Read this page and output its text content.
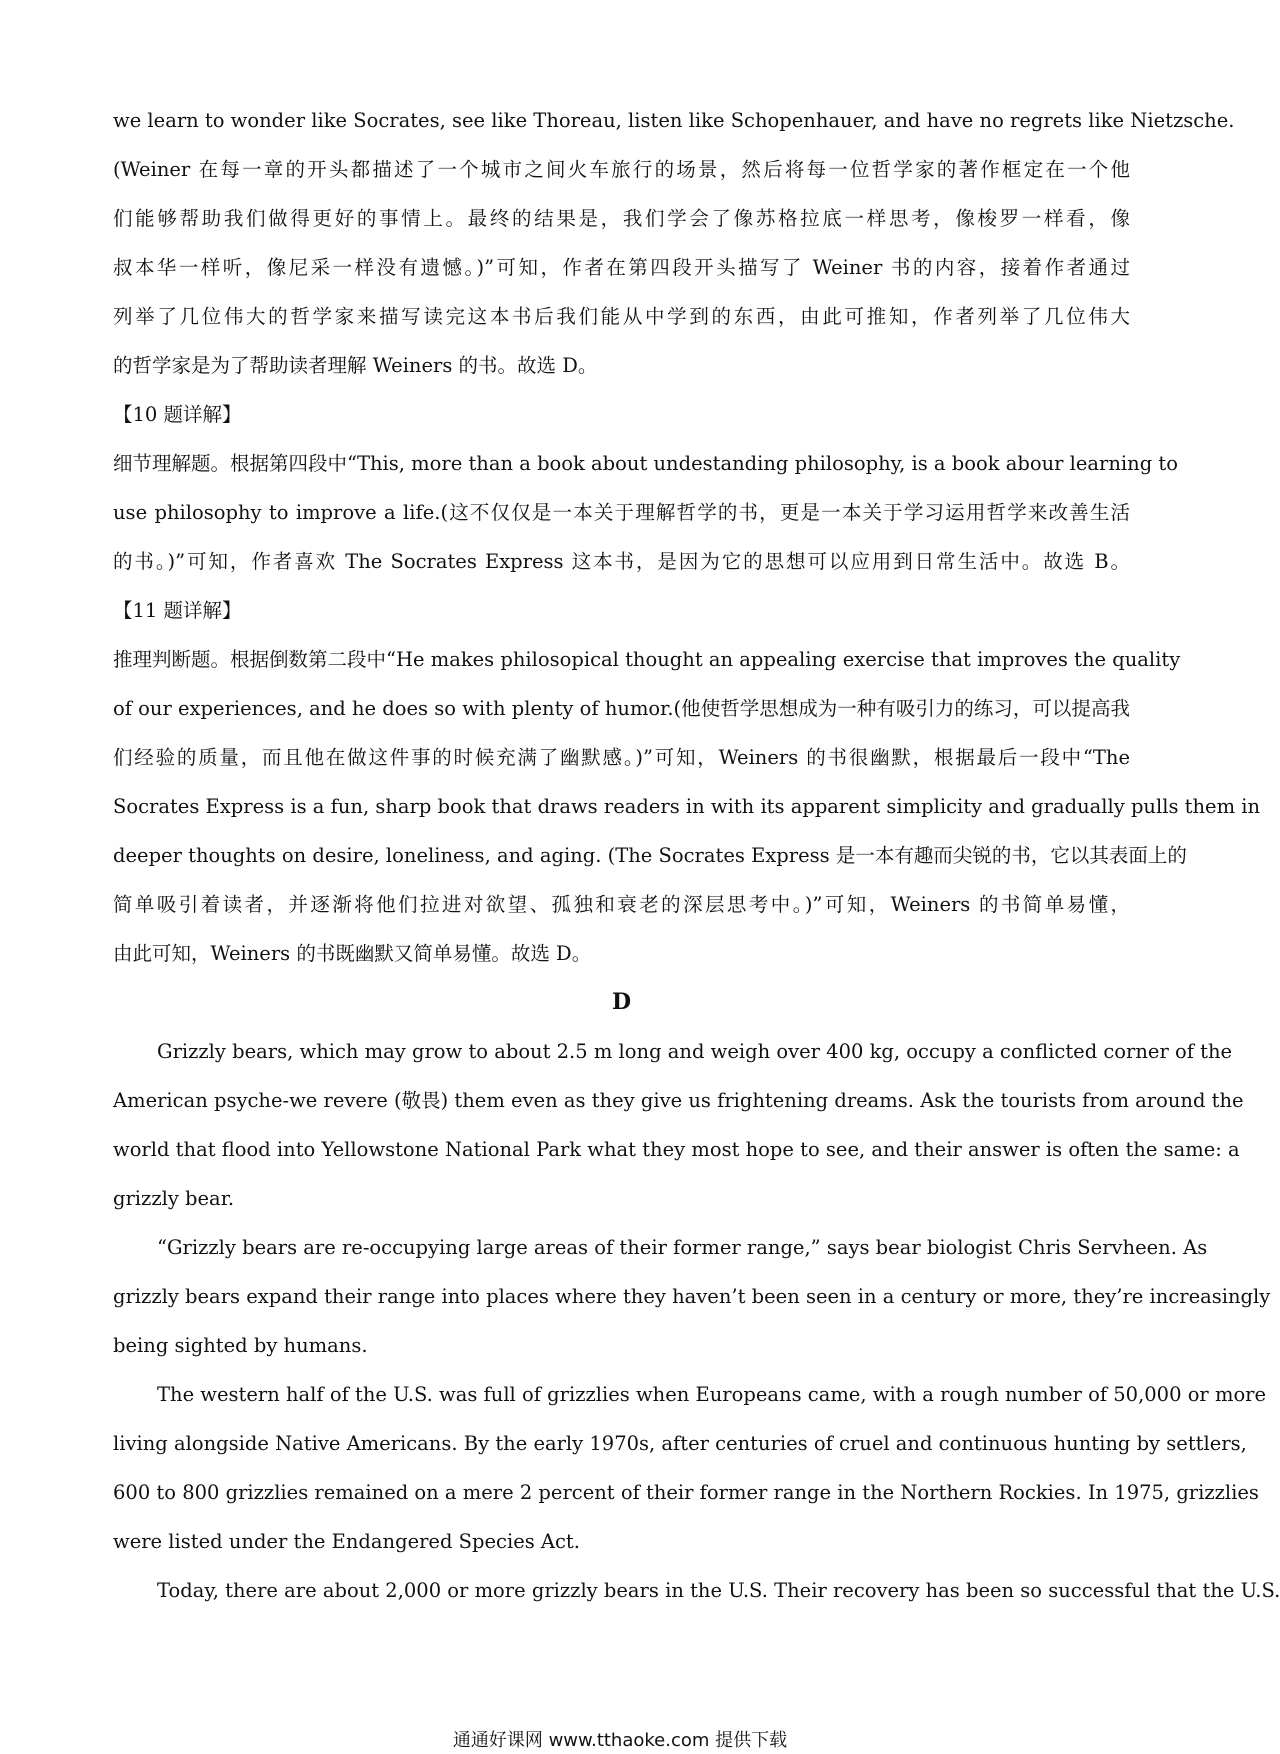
we learn to wonder like Socrates, see like Thoreau, listen like Schopenhauer, and have no regrets like Nietzsche.
(Weiner 在每一章的开头都描述了一个城市之间火车旅行的场景，然后将每一位哲学家的著作框定在一个他
们能够帮助我们做得更好的事情上。最终的结果是，我们学会了像苏格拉底一样思考，像梭罗一样看，像
叔本华一样听，像尼采一样没有遗憾。)”可知，作者在第四段开头描写了 Weiner 书的内容，接着作者通过
列举了几位伟大的哲学家来描写读完这本书后我们能从中学到的东西，由此可推知，作者列举了几位伟大
的哲学家是为了帮助读者理解 Weiners 的书。故选 D。
【10 题详解】
细节理解题。根据第四段中“This, more than a book about undestanding philosophy, is a book abour learning to
use philosophy to improve a life.(这不仅仅是一本关于理解哲学的书，更是一本关于学习运用哲学来改善生活
的书。)”可知，作者喜欢 The Socrates Express 这本书，是因为它的思想可以应用到日常生活中。故选 B。
【11 题详解】
推理判断题。根据倒数第二段中“He makes philosopical thought an appealing exercise that improves the quality
of our experiences, and he does so with plenty of humor.(他使哲学思想成为一种有吸引力的练习，可以提高我
们经验的质量，而且他在做这件事的时候充满了幽默感。)”可知，Weiners 的书很幽默，根据最后一段中“The
Socrates Express is a fun, sharp book that draws readers in with its apparent simplicity and gradually pulls them in
deeper thoughts on desire, loneliness, and aging. (The Socrates Express 是一本有趣而尖锐的书，它以其表面上的
简单吸引着读者，并逐渐将他们拉进对欲望、孤独和衰老的深层思考中。)”可知，Weiners 的书简单易懂，
由此可知，Weiners 的书既幽默又简单易懂。故选 D。
D
Grizzly bears, which may grow to about 2.5 m long and weigh over 400 kg, occupy a conflicted corner of the
American psyche-we revere (敬畏) them even as they give us frightening dreams. Ask the tourists from around the
world that flood into Yellowstone National Park what they most hope to see, and their answer is often the same: a
grizzly bear.
“Grizzly bears are re-occupying large areas of their former range,” says bear biologist Chris Servheen. As
grizzly bears expand their range into places where they haven’t been seen in a century or more, they’re increasingly
being sighted by humans.
The western half of the U.S. was full of grizzlies when Europeans came, with a rough number of 50,000 or more
living alongside Native Americans. By the early 1970s, after centuries of cruel and continuous hunting by settlers,
600 to 800 grizzlies remained on a mere 2 percent of their former range in the Northern Rockies. In 1975, grizzlies
were listed under the Endangered Species Act.
Today, there are about 2,000 or more grizzly bears in the U.S. Their recovery has been so successful that the U.S.
通通好课网 www.tthaoke.com 提供下载
